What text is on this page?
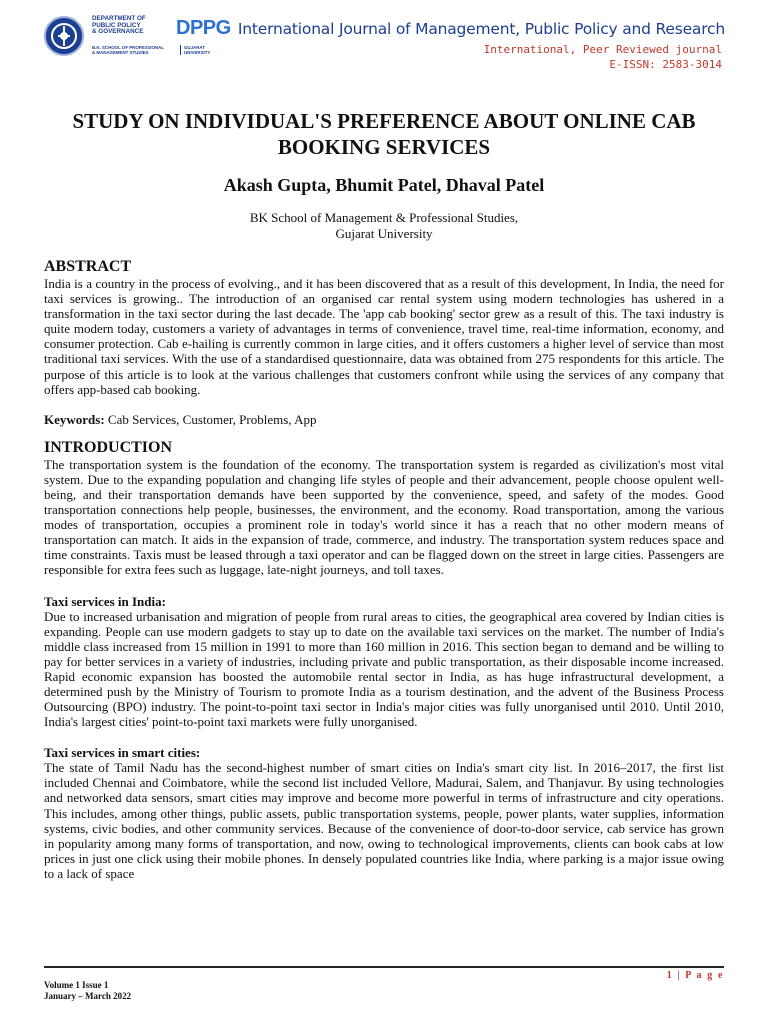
DEPARTMENT OF
PUBLIC POLICY
& GOVERNANCE	DPPG
B.K. SCHOOL OF PROFESSIONAL
& MANAGEMENT STUDIES
GUJARAT
UNIVERSITY
International Journal of Management, Public Policy and Research
International, Peer Reviewed journal
E-ISSN: 2583-3014
STUDY ON INDIVIDUAL'S PREFERENCE ABOUT ONLINE CAB BOOKING SERVICES
Akash Gupta, Bhumit Patel, Dhaval Patel
BK School of Management & Professional Studies,
Gujarat University
ABSTRACT

India is a country in the process of evolving., and it has been discovered that as a result of this development, In India, the need for taxi services is growing.. The introduction of an organised car rental system using modern technologies has ushered in a transformation in the taxi sector during the last decade. The 'app cab booking' sector grew as a result of this. The taxi industry is quite modern today, customers a variety of advantages in terms of convenience, travel time, real-time information, economy, and consumer protection. Cab e-hailing is currently common in large cities, and it offers customers a higher level of service than most traditional taxi services. With the use of a standardised questionnaire, data was obtained from 275 respondents for this article. The purpose of this article is to look at the various challenges that customers confront while using the services of any company that offers app-based cab booking.

Keywords: Cab Services, Customer, Problems, App

INTRODUCTION

The transportation system is the foundation of the economy. The transportation system is regarded as civilization's most vital system. Due to the expanding population and changing life styles of people and their advancement, people choose opulent well-being, and their transportation demands have been supported by the convenience, speed, and safety of the modes. Good transportation connections help people, businesses, the environment, and the economy. Road transportation, among the various modes of transportation, occupies a prominent role in today's world since it has a reach that no other modern means of transportation can match. It aids in the expansion of trade, commerce, and industry. The transportation system reduces space and time constraints. Taxis must be leased through a taxi operator and can be flagged down on the street in large cities. Passengers are responsible for extra fees such as luggage, late-night journeys, and toll taxes.

Taxi services in India:

Due to increased urbanisation and migration of people from rural areas to cities, the geographical area covered by Indian cities is expanding. People can use modern gadgets to stay up to date on the available taxi services on the market. The number of India's middle class increased from 15 million in 1991 to more than 160 million in 2016. This section began to demand and be willing to pay for better services in a variety of industries, including private and public transportation, as their disposable income increased. Rapid economic expansion has boosted the automobile rental sector in India, as has huge infrastructural development, a determined push by the Ministry of Tourism to promote India as a tourism destination, and the advent of the Business Process Outsourcing (BPO) industry. The point-to-point taxi sector in India's major cities was fully unorganised until 2010. Until 2010, India's largest cities' point-to-point taxi markets were fully unorganised.

Taxi services in smart cities:

The state of Tamil Nadu has the second-highest number of smart cities on India's smart city list. In 2016–2017, the first list included Chennai and Coimbatore, while the second list included Vellore, Madurai, Salem, and Thanjavur. By using technologies and networked data sensors, smart cities may improve and become more powerful in terms of infrastructure and city operations. This includes, among other things, public assets, public transportation systems, people, power plants, water supplies, information systems, civic bodies, and other community services. Because of the convenience of door-to-door service, cab service has grown in popularity among many forms of transportation, and now, owing to technological improvements, clients can book cabs at low prices in just one click using their mobile phones. In densely populated countries like India, where parking is a major issue owing to a lack of space

1 | P a g e
Volume 1 Issue 1
January – March 2022
